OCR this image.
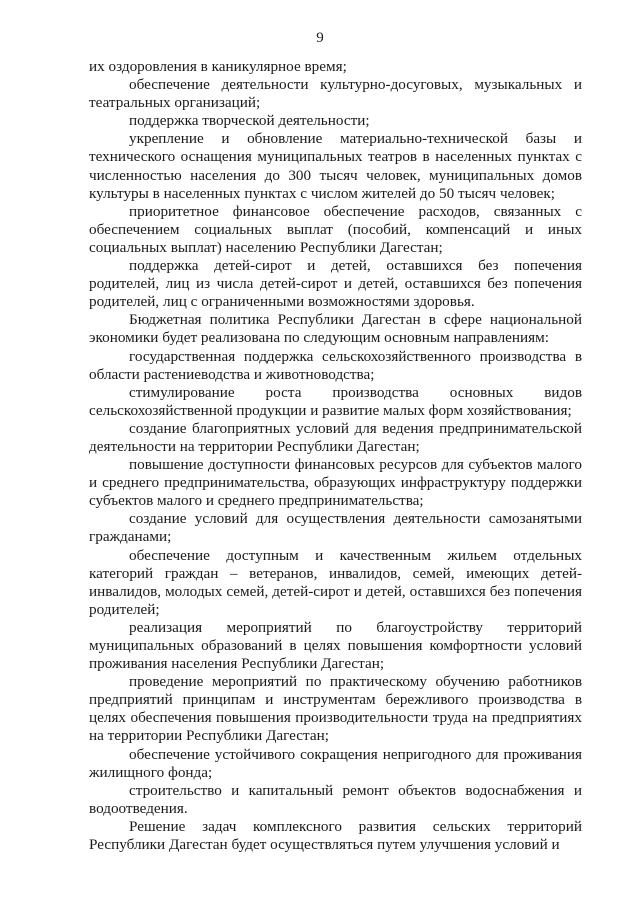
9

их оздоровления в каникулярное время;

обеспечение деятельности культурно-досуговых, музыкальных и театральных организаций;

поддержка творческой деятельности;

укрепление и обновление материально-технической базы и технического оснащения муниципальных театров в населенных пунктах с численностью населения до 300 тысяч человек, муниципальных домов культуры в населенных пунктах с числом жителей до 50 тысяч человек;

приоритетное финансовое обеспечение расходов, связанных с обеспечением социальных выплат (пособий, компенсаций и иных социальных выплат) населению Республики Дагестан;

поддержка детей-сирот и детей, оставшихся без попечения родителей, лиц из числа детей-сирот и детей, оставшихся без попечения родителей, лиц с ограниченными возможностями здоровья.

Бюджетная политика Республики Дагестан в сфере национальной экономики будет реализована по следующим основным направлениям:

государственная поддержка сельскохозяйственного производства в области растениеводства и животноводства;

стимулирование роста производства основных видов сельскохозяйственной продукции и развитие малых форм хозяйствования;

создание благоприятных условий для ведения предпринимательской деятельности на территории Республики Дагестан;

повышение доступности финансовых ресурсов для субъектов малого и среднего предпринимательства, образующих инфраструктуру поддержки субъектов малого и среднего предпринимательства;

создание условий для осуществления деятельности самозанятыми гражданами;

обеспечение доступным и качественным жильем отдельных категорий граждан – ветеранов, инвалидов, семей, имеющих детей-инвалидов, молодых семей, детей-сирот и детей, оставшихся без попечения родителей;

реализация мероприятий по благоустройству территорий муниципальных образований в целях повышения комфортности условий проживания населения Республики Дагестан;

проведение мероприятий по практическому обучению работников предприятий принципам и инструментам бережливого производства в целях обеспечения повышения производительности труда на предприятиях на территории Республики Дагестан;

обеспечение устойчивого сокращения непригодного для проживания жилищного фонда;

строительство и капитальный ремонт объектов водоснабжения и водоотведения.

Решение задач комплексного развития сельских территорий Республики Дагестан будет осуществляться путем улучшения условий и
